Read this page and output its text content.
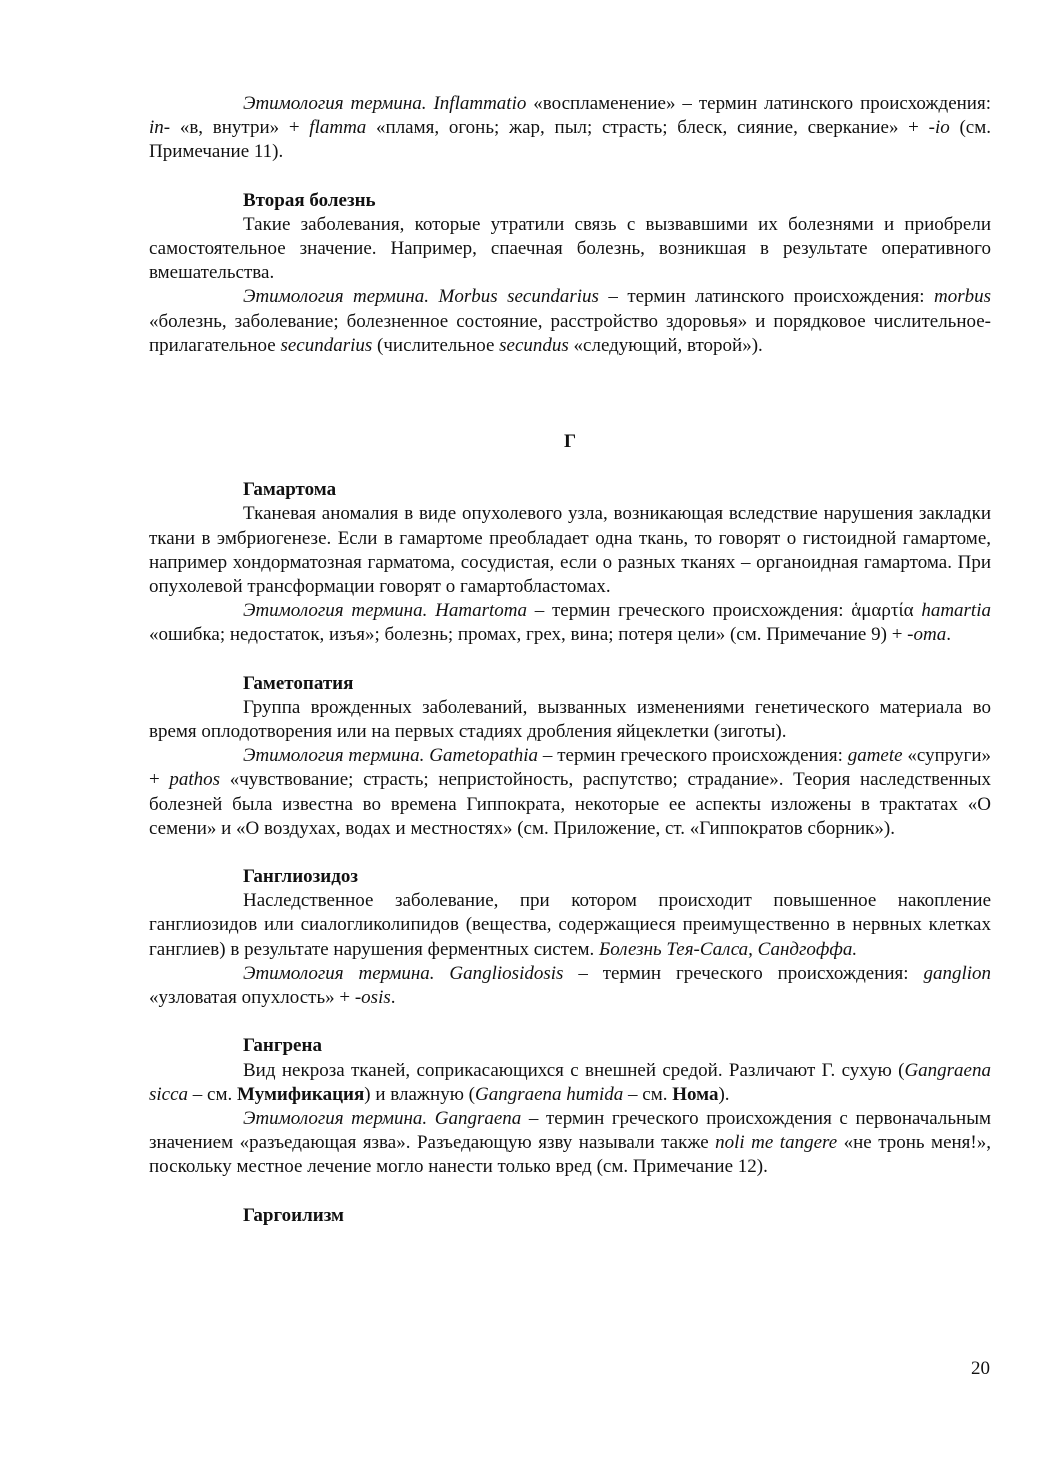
Этимология термина. Inflammatio «воспламенение» – термин латинского происхождения: in- «в, внутри» + flamma «пламя, огонь; жар, пыл; страсть; блеск, сияние, сверкание» + -io (см. Примечание 11).

Вторая болезнь

Такие заболевания, которые утратили связь с вызвавшими их болезнями и приобрели самостоятельное значение. Например, спаечная болезнь, возникшая в результате оперативного вмешательства.

Этимология термина. Morbus secundarius – термин латинского происхождения: morbus «болезнь, заболевание; болезненное состояние, расстройство здоровья» и порядковое числительное-прилагательное secundarius (числительное secundus «следующий, второй»).

Г

Гамартома

Тканевая аномалия в виде опухолевого узла, возникающая вследствие нарушения закладки ткани в эмбриогенезе. Если в гамартоме преобладает одна ткань, то говорят о гистоидной гамартоме, например хондорматозная гарматома, сосудистая, если о разных тканях – органоидная гамартома. При опухолевой трансформации говорят о гамартобластомах.

Этимология термина. Hamartoma – термин греческого происхождения: ἁμαρτία hamartia «ошибка; недостаток, изъя»; болезнь; промах, грех, вина; потеря цели» (см. Примечание 9) + -oma.

Гаметопатия

Группа врожденных заболеваний, вызванных изменениями генетического материала во время оплодотворения или на первых стадиях дробления яйцеклетки (зиготы).

Этимология термина. Gametopathia – термин греческого происхождения: gamete «супруги» + pathos «чувствование; страсть; непристойность, распутство; страдание». Теория наследственных болезней была известна во времена Гиппократа, некоторые ее аспекты изложены в трактатах «О семени» и «О воздухах, водах и местностях» (см. Приложение, ст. «Гиппократов сборник»).

Ганглиозидоз

Наследственное заболевание, при котором происходит повышенное накопление ганглиозидов или сиалогликолипидов (вещества, содержащиеся преимущественно в нервных клетках ганглиев) в результате нарушения ферментных систем. Болезнь Тея-Салса, Сандгоффа.

Этимология термина. Gangliosidosis – термин греческого происхождения: ganglion «узловатая опухлость» + -osis.

Гангрена

Вид некроза тканей, соприкасающихся с внешней средой. Различают Г. сухую (Gangraena sicca – см. Мумификация) и влажную (Gangraena humida – см. Нома).

Этимология термина. Gangraena – термин греческого происхождения с первоначальным значением «разъедающая язва». Разъедающую язву называли также noli me tangere «не тронь меня!», поскольку местное лечение могло нанести только вред (см. Примечание 12).

Гаргоилизм

20
